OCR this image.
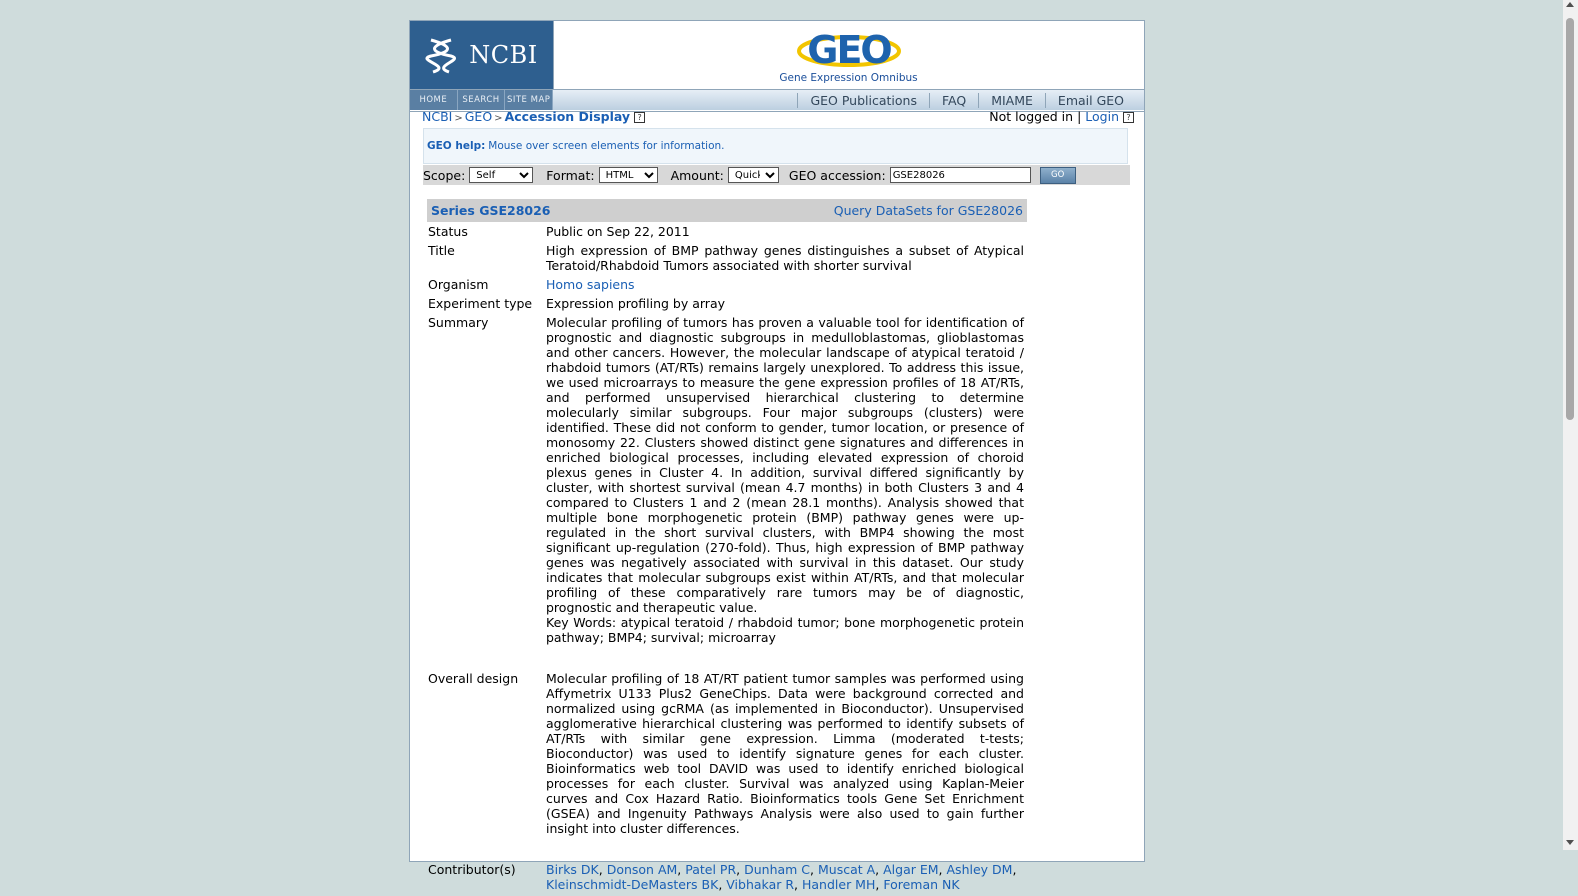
NCBI	GEO
Gene Expression Omnibus
HOME	SEARCH SITE MAP	GEO Publications	FAQ	MIAME	Email GEO
NCBI > GEO > Accession Display ?	Not logged in | Login ?
GEO help: Mouse over screen elements for information.
Scope:
Self	Format:
HTML	Amount:
Quick	GEO accession:
GSE28026	GO
Series GSE28026	Query DataSets for GSE28026
Status	Public on Sep 22, 2011
Title	High expression of BMP pathway genes distinguishes a subset of Atypical Teratoid/Rhabdoid Tumors associated with shorter survival
Organism	Homo sapiens
Experiment type	Expression profiling by array
Summary	Molecular profiling of tumors has proven a valuable tool for identification of prognostic and diagnostic subgroups in medulloblastomas, glioblastomas and other cancers. However, the molecular landscape of atypical teratoid / rhabdoid tumors (AT/RTs) remains largely unexplored. To address this issue, we used microarrays to measure the gene expression profiles of 18 AT/RTs, and performed unsupervised hierarchical clustering to determine molecularly similar subgroups. Four major subgroups (clusters) were identified. These did not conform to gender, tumor location, or presence of monosomy 22. Clusters showed distinct gene signatures and differences in enriched biological processes, including elevated expression of choroid plexus genes in Cluster 4. In addition, survival differed significantly by cluster, with shortest survival (mean 4.7 months) in both Clusters 3 and 4 compared to Clusters 1 and 2 (mean 28.1 months). Analysis showed that multiple bone morphogenetic protein (BMP) pathway genes were up-regulated in the short survival clusters, with BMP4 showing the most significant up-regulation (270-fold). Thus, high expression of BMP pathway genes was negatively associated with survival in this dataset. Our study indicates that molecular subgroups exist within AT/RTs, and that molecular profiling of these comparatively rare tumors may be of diagnostic, prognostic and therapeutic value.
Key Words: atypical teratoid / rhabdoid tumor; bone morphogenetic protein pathway; BMP4; survival; microarray
Overall design	Molecular profiling of 18 AT/RT patient tumor samples was performed using Affymetrix U133 Plus2 GeneChips. Data were background corrected and normalized using gcRMA (as implemented in Bioconductor). Unsupervised agglomerative hierarchical clustering was performed to identify subsets of AT/RTs with similar gene expression. Limma (moderated t-tests; Bioconductor) was used to identify signature genes for each cluster. Bioinformatics web tool DAVID was used to identify enriched biological processes for each cluster. Survival was analyzed using Kaplan-Meier curves and Cox Hazard Ratio. Bioinformatics tools Gene Set Enrichment (GSEA) and Ingenuity Pathways Analysis were also used to gain further insight into cluster differences.
Contributor(s)	Birks DK, Donson AM, Patel PR, Dunham C, Muscat A, Algar EM, Ashley DM, Kleinschmidt-DeMasters BK, Vibhakar R, Handler MH, Foreman NK
